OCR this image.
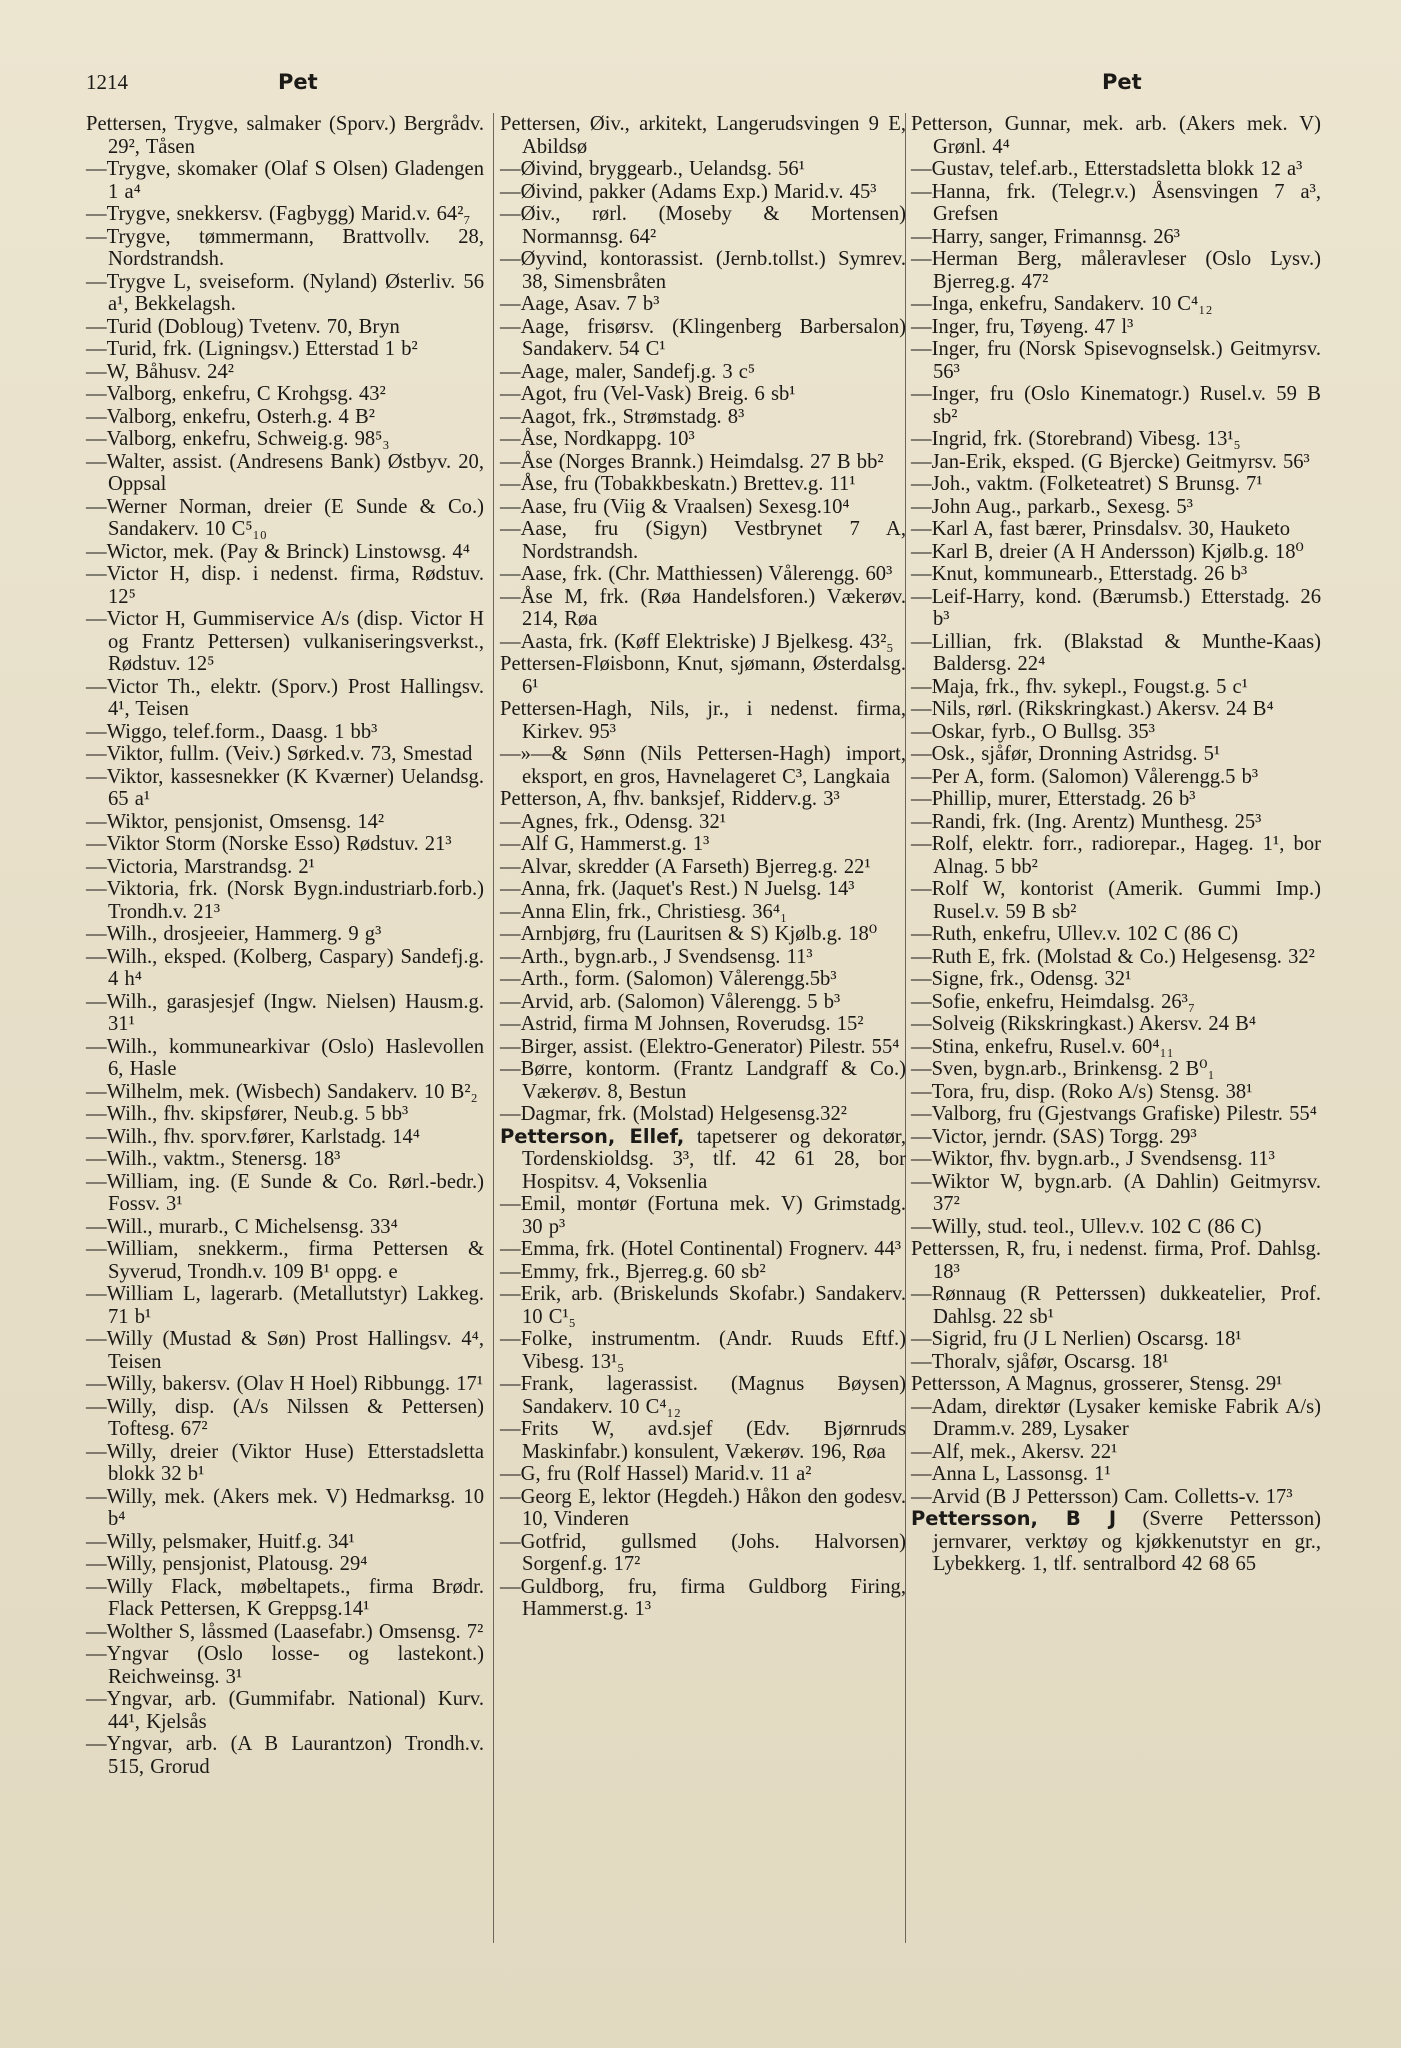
1214	Pet	Pet

Pettersen, Trygve, salmaker (Sporv.) Bergrådv. 29², Tåsen

—Trygve, skomaker (Olaf S Olsen) Gladengen 1 a⁴

—Trygve, snekkersv. (Fagbygg) Marid.v. 64²₇

—Trygve, tømmermann, Brattvollv. 28, Nordstrandsh.

—Trygve L, sveiseform. (Nyland) Østerliv. 56 a¹, Bekkelagsh.

—Turid (Dobloug) Tvetenv. 70, Bryn

—Turid, frk. (Ligningsv.) Etterstad 1 b²

—W, Båhusv. 24²

—Valborg, enkefru, C Krohgsg. 43²

—Valborg, enkefru, Osterh.g. 4 B²

—Valborg, enkefru, Schweig.g. 98⁵₃

—Walter, assist. (Andresens Bank) Østbyv. 20, Oppsal

—Werner Norman, dreier (E Sunde & Co.) Sandakerv. 10 C⁵₁₀

—Wictor, mek. (Pay & Brinck) Linstowsg. 4⁴

—Victor H, disp. i nedenst. firma, Rødstuv. 12⁵

—Victor H, Gummiservice A/s (disp. Victor H og Frantz Pettersen) vulkaniseringsverkst., Rødstuv. 12⁵

—Victor Th., elektr. (Sporv.) Prost Hallingsv. 4¹, Teisen

—Wiggo, telef.form., Daasg. 1 bb³

—Viktor, fullm. (Veiv.) Sørked.v. 73, Smestad

—Viktor, kassesnekker (K Kværner) Uelandsg. 65 a¹

—Wiktor, pensjonist, Omsensg. 14²

—Viktor Storm (Norske Esso) Rødstuv. 21³

—Victoria, Marstrandsg. 2¹

—Viktoria, frk. (Norsk Bygn.industriarb.forb.) Trondh.v. 21³

—Wilh., drosjeeier, Hammerg. 9 g³

—Wilh., eksped. (Kolberg, Caspary) Sandefj.g. 4 h⁴

—Wilh., garasjesjef (Ingw. Nielsen) Hausm.g. 31¹

—Wilh., kommunearkivar (Oslo) Haslevollen 6, Hasle

—Wilhelm, mek. (Wisbech) Sandakerv. 10 B²₂

—Wilh., fhv. skipsfører, Neub.g. 5 bb³

—Wilh., fhv. sporv.fører, Karlstadg. 14⁴

—Wilh., vaktm., Stenersg. 18³

—William, ing. (E Sunde & Co. Rørl.-bedr.) Fossv. 3¹

—Will., murarb., C Michelsensg. 33⁴

—William, snekkerm., firma Pettersen & Syverud, Trondh.v. 109 B¹ oppg. e

—William L, lagerarb. (Metallutstyr) Lakkeg. 71 b¹

—Willy (Mustad & Søn) Prost Hallingsv. 4⁴, Teisen

—Willy, bakersv. (Olav H Hoel) Ribbungg. 17¹

—Willy, disp. (A/s Nilssen & Pettersen) Toftesg. 67²

—Willy, dreier (Viktor Huse) Etterstadsletta blokk 32 b¹

—Willy, mek. (Akers mek. V) Hedmarksg. 10 b⁴

—Willy, pelsmaker, Huitf.g. 34¹

—Willy, pensjonist, Platousg. 29⁴

—Willy Flack, møbeltapets., firma Brødr. Flack Pettersen, K Greppsg.14¹

—Wolther S, låssmed (Laasefabr.) Omsensg. 7²

—Yngvar (Oslo losse- og lastekont.) Reichweinsg. 3¹

—Yngvar, arb. (Gummifabr. National) Kurv. 44¹, Kjelsås

—Yngvar, arb. (A B Laurantzon) Trondh.v. 515, Grorud

Pettersen, Øiv., arkitekt, Langerudsvingen 9 E, Abildsø

—Øivind, bryggearb., Uelandsg. 56¹

—Øivind, pakker (Adams Exp.) Marid.v. 45³

—Øiv., rørl. (Moseby & Mortensen) Normannsg. 64²

—Øyvind, kontorassist. (Jernb.tollst.) Symrev. 38, Simensbråten

—Aage, Asav. 7 b³

—Aage, frisørsv. (Klingenberg Barbersalon) Sandakerv. 54 C¹

—Aage, maler, Sandefj.g. 3 c⁵

—Agot, fru (Vel-Vask) Breig. 6 sb¹

—Aagot, frk., Strømstadg. 8³

—Åse, Nordkappg. 10³

—Åse (Norges Brannk.) Heimdalsg. 27 B bb²

—Åse, fru (Tobakkbeskatn.) Brettev.g. 11¹

—Aase, fru (Viig & Vraalsen) Sexesg.10⁴

—Aase, fru (Sigyn) Vestbrynet 7 A, Nordstrandsh.

—Aase, frk. (Chr. Matthiessen) Vålerengg. 60³

—Åse M, frk. (Røa Handelsforen.) Vækerøv. 214, Røa

—Aasta, frk. (Køff Elektriske) J Bjelkesg. 43²₅

Pettersen-Fløisbonn, Knut, sjømann, Østerdalsg. 6¹

Pettersen-Hagh, Nils, jr., i nedenst. firma, Kirkev. 95³

—»—& Sønn (Nils Pettersen-Hagh) import, eksport, en gros, Havnelageret C³, Langkaia

Petterson, A, fhv. banksjef, Ridderv.g. 3³

—Agnes, frk., Odensg. 32¹

—Alf G, Hammerst.g. 1³

—Alvar, skredder (A Farseth) Bjerreg.g. 22¹

—Anna, frk. (Jaquet's Rest.) N Juelsg. 14³

—Anna Elin, frk., Christiesg. 36⁴₁

—Arnbjørg, fru (Lauritsen & S) Kjølb.g. 18⁰

—Arth., bygn.arb., J Svendsensg. 11³

—Arth., form. (Salomon) Vålerengg.5b³

—Arvid, arb. (Salomon) Vålerengg. 5 b³

—Astrid, firma M Johnsen, Roverudsg. 15²

—Birger, assist. (Elektro-Generator) Pilestr. 55⁴

—Børre, kontorm. (Frantz Landgraff & Co.) Vækerøv. 8, Bestun

—Dagmar, frk. (Molstad) Helgesensg.32²

Petterson, Ellef, tapetserer og dekoratør, Tordenskioldsg. 3³, tlf. 42 61 28, bor Hospitsv. 4, Voksenlia

—Emil, montør (Fortuna mek. V) Grimstadg. 30 p³

—Emma, frk. (Hotel Continental) Frognerv. 44³

—Emmy, frk., Bjerreg.g. 60 sb²

—Erik, arb. (Briskelunds Skofabr.) Sandakerv. 10 C¹₅

—Folke, instrumentm. (Andr. Ruuds Eftf.) Vibesg. 13¹₅

—Frank, lagerassist. (Magnus Bøysen) Sandakerv. 10 C⁴₁₂

—Frits W, avd.sjef (Edv. Bjørnruds Maskinfabr.) konsulent, Vækerøv. 196, Røa

—G, fru (Rolf Hassel) Marid.v. 11 a²

—Georg E, lektor (Hegdeh.) Håkon den godesv. 10, Vinderen

—Gotfrid, gullsmed (Johs. Halvorsen) Sorgenf.g. 17²

—Guldborg, fru, firma Guldborg Firing, Hammerst.g. 1³

Petterson, Gunnar, mek. arb. (Akers mek. V) Grønl. 4⁴

—Gustav, telef.arb., Etterstadsletta blokk 12 a³

—Hanna, frk. (Telegr.v.) Åsensvingen 7 a³, Grefsen

—Harry, sanger, Frimannsg. 26³

—Herman Berg, måleravleser (Oslo Lysv.) Bjerreg.g. 47²

—Inga, enkefru, Sandakerv. 10 C⁴₁₂

—Inger, fru, Tøyeng. 47 l³

—Inger, fru (Norsk Spisevognselsk.) Geitmyrsv. 56³

—Inger, fru (Oslo Kinematogr.) Rusel.v. 59 B sb²

—Ingrid, frk. (Storebrand) Vibesg. 13¹₅

—Jan-Erik, eksped. (G Bjercke) Geitmyrsv. 56³

—Joh., vaktm. (Folketeatret) S Brunsg. 7¹

—John Aug., parkarb., Sexesg. 5³

—Karl A, fast bærer, Prinsdalsv. 30, Hauketo

—Karl B, dreier (A H Andersson) Kjølb.g. 18⁰

—Knut, kommunearb., Etterstadg. 26 b³

—Leif-Harry, kond. (Bærumsb.) Etterstadg. 26 b³

—Lillian, frk. (Blakstad & Munthe-Kaas) Baldersg. 22⁴

—Maja, frk., fhv. sykepl., Fougst.g. 5 c¹

—Nils, rørl. (Rikskringkast.) Akersv. 24 B⁴

—Oskar, fyrb., O Bullsg. 35³

—Osk., sjåfør, Dronning Astridsg. 5¹

—Per A, form. (Salomon) Vålerengg.5 b³

—Phillip, murer, Etterstadg. 26 b³

—Randi, frk. (Ing. Arentz) Munthesg. 25³

—Rolf, elektr. forr., radiorepar., Hageg. 1¹, bor Alnag. 5 bb²

—Rolf W, kontorist (Amerik. Gummi Imp.) Rusel.v. 59 B sb²

—Ruth, enkefru, Ullev.v. 102 C (86 C)

—Ruth E, frk. (Molstad & Co.) Helgesensg. 32²

—Signe, frk., Odensg. 32¹

—Sofie, enkefru, Heimdalsg. 26³₇

—Solveig (Rikskringkast.) Akersv. 24 B⁴

—Stina, enkefru, Rusel.v. 60⁴₁₁

—Sven, bygn.arb., Brinkensg. 2 B⁰₁

—Tora, fru, disp. (Roko A/s) Stensg. 38¹

—Valborg, fru (Gjestvangs Grafiske) Pilestr. 55⁴

—Victor, jerndr. (SAS) Torgg. 29³

—Wiktor, fhv. bygn.arb., J Svendsensg. 11³

—Wiktor W, bygn.arb. (A Dahlin) Geitmyrsv. 37²

—Willy, stud. teol., Ullev.v. 102 C (86 C)

Petterssen, R, fru, i nedenst. firma, Prof. Dahlsg. 18³

—Rønnaug (R Petterssen) dukkeatelier, Prof. Dahlsg. 22 sb¹

—Sigrid, fru (J L Nerlien) Oscarsg. 18¹

—Thoralv, sjåfør, Oscarsg. 18¹

Pettersson, A Magnus, grosserer, Stensg. 29¹

—Adam, direktør (Lysaker kemiske Fabrik A/s) Dramm.v. 289, Lysaker

—Alf, mek., Akersv. 22¹

—Anna L, Lassonsg. 1¹

—Arvid (B J Pettersson) Cam. Colletts-v. 17³

Pettersson, B J (Sverre Pettersson) jernvarer, verktøy og kjøkkenutstyr en gr., Lybekkerg. 1, tlf. sentralbord 42 68 65
